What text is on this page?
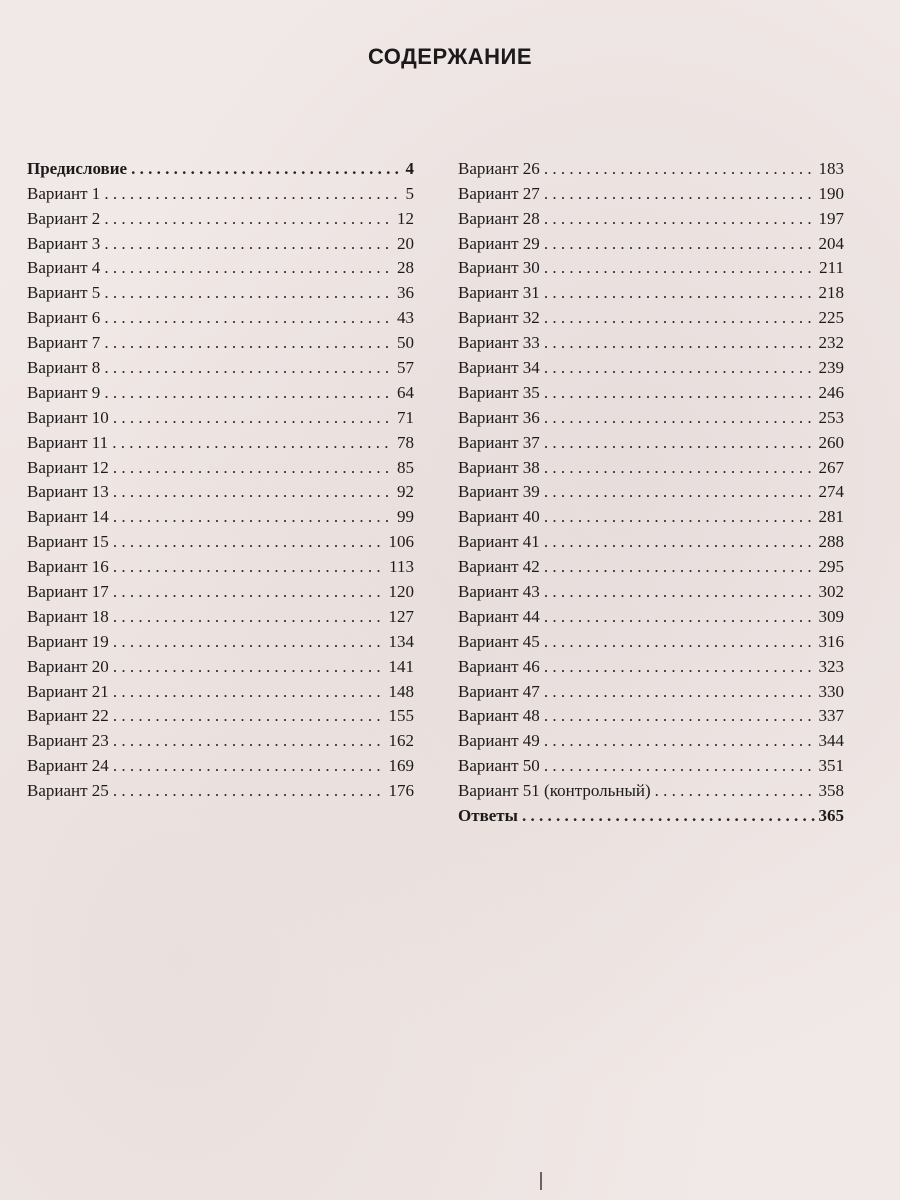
СОДЕРЖАНИЕ
Предисловие . . .	4
Вариант 1 . . .	5
Вариант 2 . . .	12
Вариант 3 . . .	20
Вариант 4 . . .	28
Вариант 5 . . .	36
Вариант 6 . . .	43
Вариант 7 . . .	50
Вариант 8 . . .	57
Вариант 9 . . .	64
Вариант 10 . . .	71
Вариант 11 . . .	78
Вариант 12 . . .	85
Вариант 13 . . .	92
Вариант 14 . . .	99
Вариант 15 . . .	106
Вариант 16 . . .	113
Вариант 17 . . .	120
Вариант 18 . . .	127
Вариант 19 . . .	134
Вариант 20 . . .	141
Вариант 21 . . .	148
Вариант 22 . . .	155
Вариант 23 . . .	162
Вариант 24 . . .	169
Вариант 25 . . .	176
Вариант 26 . . .	183
Вариант 27 . . .	190
Вариант 28 . . .	197
Вариант 29 . . .	204
Вариант 30 . . .	211
Вариант 31 . . .	218
Вариант 32 . . .	225
Вариант 33 . . .	232
Вариант 34 . . .	239
Вариант 35 . . .	246
Вариант 36 . . .	253
Вариант 37 . . .	260
Вариант 38 . . .	267
Вариант 39 . . .	274
Вариант 40 . . .	281
Вариант 41 . . .	288
Вариант 42 . . .	295
Вариант 43 . . .	302
Вариант 44 . . .	309
Вариант 45 . . .	316
Вариант 46 . . .	323
Вариант 47 . . .	330
Вариант 48 . . .	337
Вариант 49 . . .	344
Вариант 50 . . .	351
Вариант 51 (контрольный) . . .	358
Ответы . . .	365
